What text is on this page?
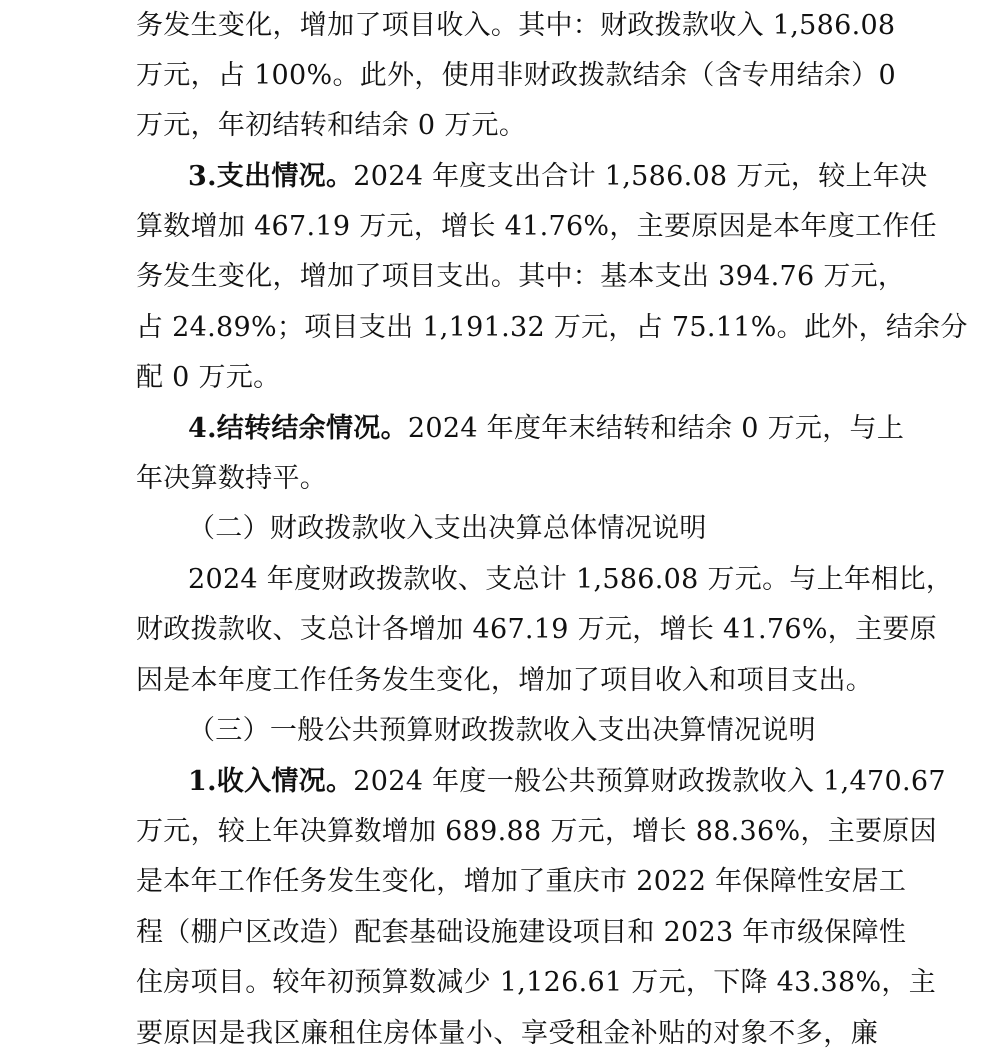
务发生变化，增加了项目收入。其中：财政拨款收入 1,586.08
万元，占 100%。此外，使用非财政拨款结余（含专用结余）0
万元，年初结转和结余 0 万元。
3.支出情况。2024 年度支出合计 1,586.08 万元，较上年决
算数增加 467.19 万元，增长 41.76%，主要原因是本年度工作任
务发生变化，增加了项目支出。其中：基本支出 394.76 万元，
占 24.89%；项目支出 1,191.32 万元，占 75.11%。此外，结余分
配 0 万元。
4.结转结余情况。2024 年度年末结转和结余 0 万元，与上
年决算数持平。
（二）财政拨款收入支出决算总体情况说明
2024 年度财政拨款收、支总计 1,586.08 万元。与上年相比，
财政拨款收、支总计各增加 467.19 万元，增长 41.76%，主要原
因是本年度工作任务发生变化，增加了项目收入和项目支出。
（三）一般公共预算财政拨款收入支出决算情况说明
1.收入情况。2024 年度一般公共预算财政拨款收入 1,470.67
万元，较上年决算数增加 689.88 万元，增长 88.36%，主要原因
是本年工作任务发生变化，增加了重庆市 2022 年保障性安居工
程（棚户区改造）配套基础设施建设项目和 2023 年市级保障性
住房项目。较年初预算数减少 1,126.61 万元，下降 43.38%，主
要原因是我区廉租住房体量小、享受租金补贴的对象不多，廉
